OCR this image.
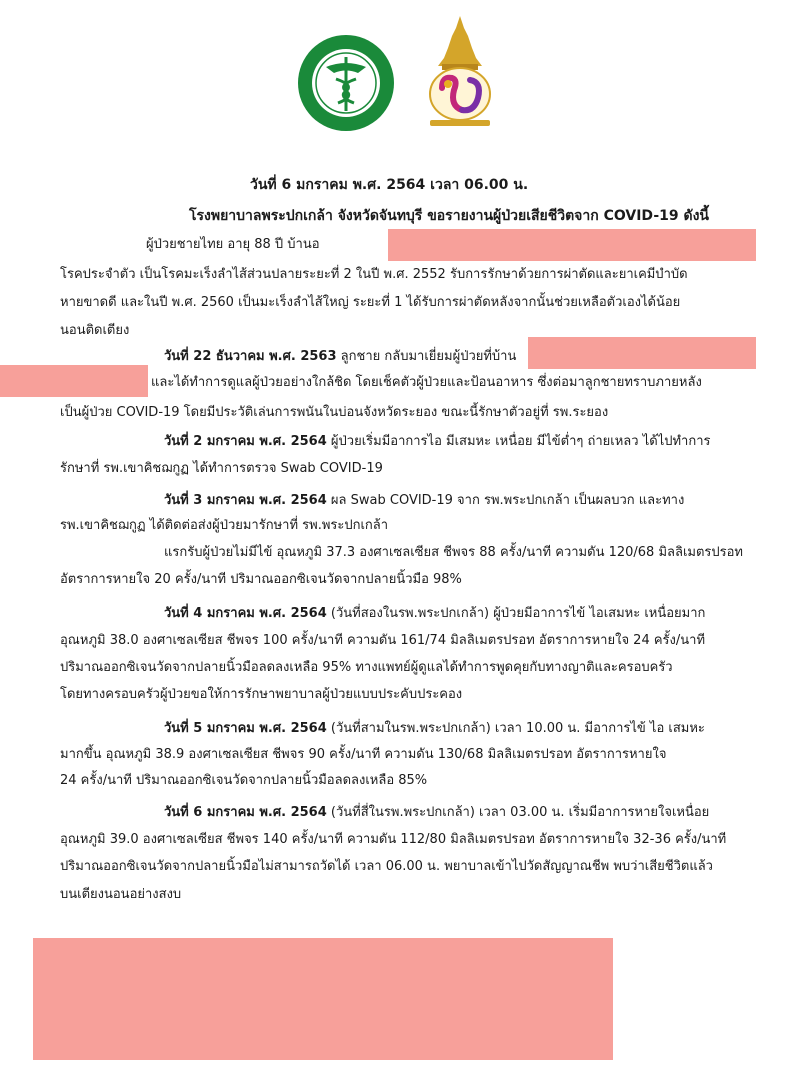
วันที่ 6 มกราคม พ.ศ. 2564 เวลา 06.00 น.
โรงพยาบาลพระปกเกล้า จังหวัดจันทบุรี ขอรายงานผู้ป่วยเสียชีวิตจาก COVID-19 ดังนี้
ผู้ป่วยชายไทย อายุ 88 ปี บ้านอ
โรคประจำตัว เป็นโรคมะเร็งลำไส้ส่วนปลายระยะที่ 2 ในปี พ.ศ. 2552 รับการรักษาด้วยการผ่าตัดและยาเคมีบำบัด
หายขาดดี และในปี พ.ศ. 2560 เป็นมะเร็งลำไส้ใหญ่ ระยะที่ 1 ได้รับการผ่าตัดหลังจากนั้นช่วยเหลือตัวเองได้น้อย
นอนติดเตียง
วันที่ 22 ธันวาคม พ.ศ. 2563 ลูกชาย กลับมาเยี่ยมผู้ป่วยที่บ้าน
และได้ทำการดูแลผู้ป่วยอย่างใกล้ชิด โดยเช็คตัวผู้ป่วยและป้อนอาหาร ซึ่งต่อมาลูกชายทราบภายหลัง
เป็นผู้ป่วย COVID-19 โดยมีประวัติเล่นการพนันในบ่อนจังหวัดระยอง ขณะนี้รักษาตัวอยู่ที่ รพ.ระยอง
วันที่ 2 มกราคม พ.ศ. 2564 ผู้ป่วยเริ่มมีอาการไอ มีเสมหะ เหนื่อย มีไข้ต่ำๆ ถ่ายเหลว ได้ไปทำการ
รักษาที่ รพ.เขาคิชฌกูฏ ได้ทำการตรวจ Swab COVID-19
วันที่ 3 มกราคม พ.ศ. 2564 ผล Swab COVID-19 จาก รพ.พระปกเกล้า เป็นผลบวก และทาง
รพ.เขาคิชฌกูฏ ได้ติดต่อส่งผู้ป่วยมารักษาที่ รพ.พระปกเกล้า
แรกรับผู้ป่วยไม่มีไข้ อุณหภูมิ 37.3 องศาเซลเซียส ชีพจร 88 ครั้ง/นาที ความดัน 120/68 มิลลิเมตรปรอท
อัตราการหายใจ 20 ครั้ง/นาที ปริมาณออกซิเจนวัดจากปลายนิ้วมือ 98%
วันที่ 4 มกราคม พ.ศ. 2564 (วันที่สองในรพ.พระปกเกล้า) ผู้ป่วยมีอาการไข้ ไอเสมหะ เหนื่อยมาก
อุณหภูมิ 38.0 องศาเซลเซียส ชีพจร 100 ครั้ง/นาที ความดัน 161/74 มิลลิเมตรปรอท อัตราการหายใจ 24 ครั้ง/นาที
ปริมาณออกซิเจนวัดจากปลายนิ้วมือลดลงเหลือ 95% ทางแพทย์ผู้ดูแลได้ทำการพูดคุยกับทางญาติและครอบครัว
โดยทางครอบครัวผู้ป่วยขอให้การรักษาพยาบาลผู้ป่วยแบบประคับประคอง
วันที่ 5 มกราคม พ.ศ. 2564 (วันที่สามในรพ.พระปกเกล้า) เวลา 10.00 น. มีอาการไข้ ไอ เสมหะ
มากขึ้น อุณหภูมิ 38.9 องศาเซลเซียส ชีพจร 90 ครั้ง/นาที ความดัน 130/68 มิลลิเมตรปรอท อัตราการหายใจ
24 ครั้ง/นาที ปริมาณออกซิเจนวัดจากปลายนิ้วมือลดลงเหลือ 85%
วันที่ 6 มกราคม พ.ศ. 2564 (วันที่สี่ในรพ.พระปกเกล้า) เวลา 03.00 น. เริ่มมีอาการหายใจเหนื่อย
อุณหภูมิ 39.0 องศาเซลเซียส ชีพจร 140 ครั้ง/นาที ความดัน 112/80 มิลลิเมตรปรอท อัตราการหายใจ 32-36 ครั้ง/นาที
ปริมาณออกซิเจนวัดจากปลายนิ้วมือไม่สามารถวัดได้ เวลา 06.00 น. พยาบาลเข้าไปวัดสัญญาณชีพ พบว่าเสียชีวิตแล้ว
บนเตียงนอนอย่างสงบ
